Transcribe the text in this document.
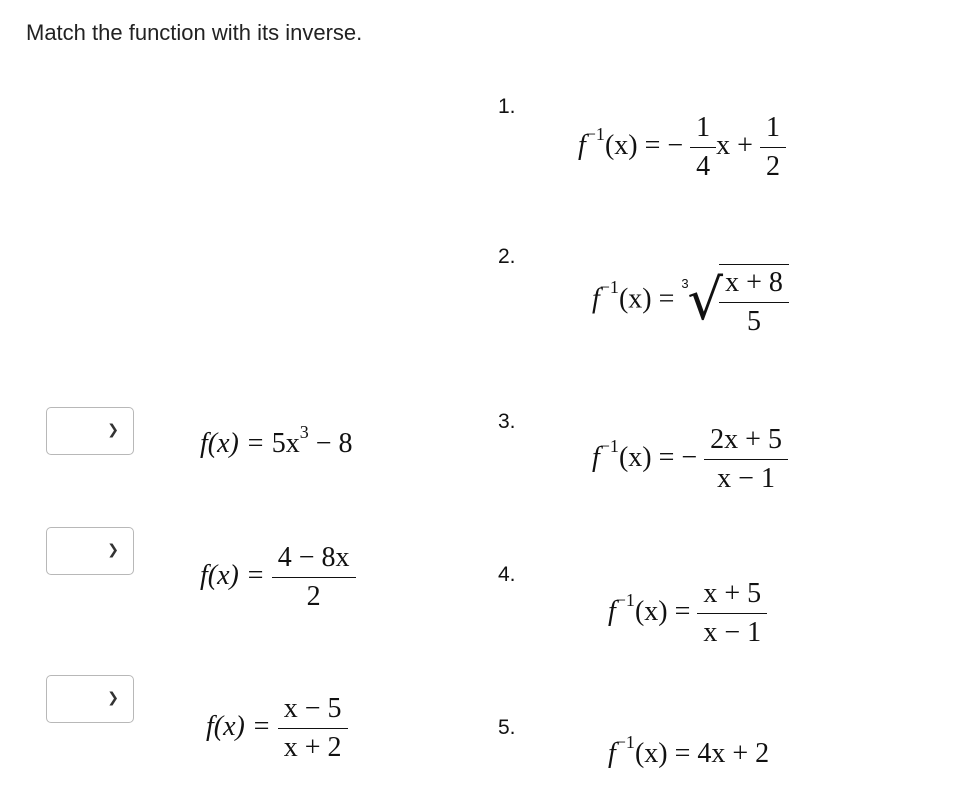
Match the function with its inverse.
❯
❯
❯
$f(x) = 5x^3 - 8$
$f(x) = \frac{4 - 8x}{2}$
$f(x) = \frac{x - 5}{x + 2}$
1.
2.
3.
4.
5.
$f^{-1}(x)$ = − $\frac{1}{4}$ $x + \frac{1}{2}$
$f^{-1}(x) = 3$
√
$\frac{x + 8}{5}$
$f^{-1}(x)$ = − $\frac{2x + 5}{x - 1}$
$f^{-1}(x) = \frac{x + 5}{x - 1}$
$f^{-1}(x) = 4x + 2$
